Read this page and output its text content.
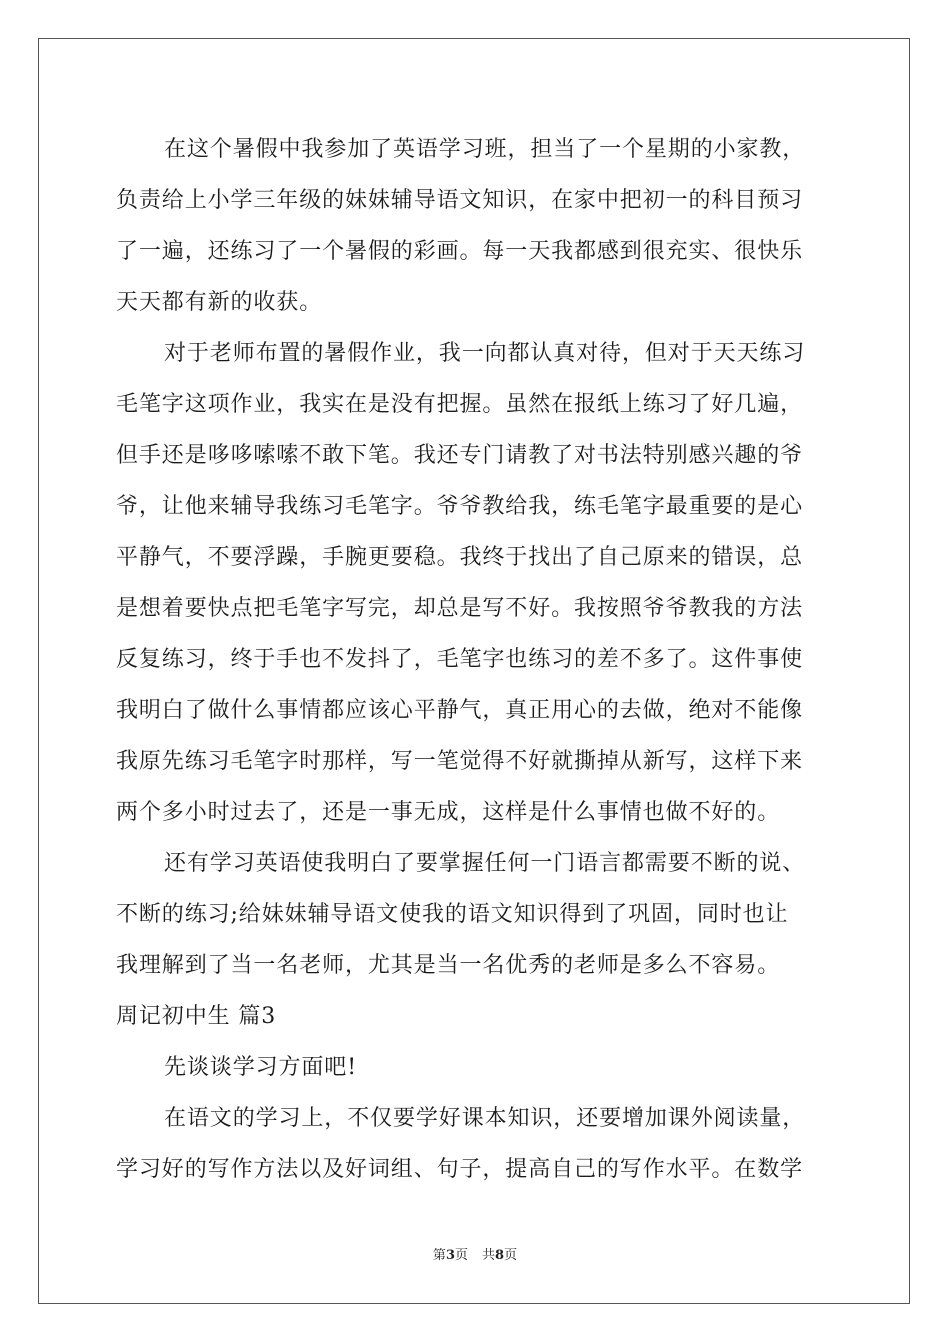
在这个暑假中我参加了英语学习班，担当了一个星期的小家教，
负责给上小学三年级的妹妹辅导语文知识，在家中把初一的科目预习
了一遍，还练习了一个暑假的彩画。每一天我都感到很充实、很快乐
天天都有新的收获。
对于老师布置的暑假作业，我一向都认真对待，但对于天天练习
毛笔字这项作业，我实在是没有把握。虽然在报纸上练习了好几遍，
但手还是哆哆嗦嗦不敢下笔。我还专门请教了对书法特别感兴趣的爷
爷，让他来辅导我练习毛笔字。爷爷教给我，练毛笔字最重要的是心
平静气，不要浮躁，手腕更要稳。我终于找出了自己原来的错误，总
是想着要快点把毛笔字写完，却总是写不好。我按照爷爷教我的方法
反复练习，终于手也不发抖了，毛笔字也练习的差不多了。这件事使
我明白了做什么事情都应该心平静气，真正用心的去做，绝对不能像
我原先练习毛笔字时那样，写一笔觉得不好就撕掉从新写，这样下来
两个多小时过去了，还是一事无成，这样是什么事情也做不好的。
还有学习英语使我明白了要掌握任何一门语言都需要不断的说、
不断的练习;给妹妹辅导语文使我的语文知识得到了巩固，同时也让
我理解到了当一名老师，尤其是当一名优秀的老师是多么不容易。
周记初中生 篇3
先谈谈学习方面吧!
在语文的学习上，不仅要学好课本知识，还要增加课外阅读量，
学习好的写作方法以及好词组、句子，提高自己的写作水平。在数学
第3页 共8页
